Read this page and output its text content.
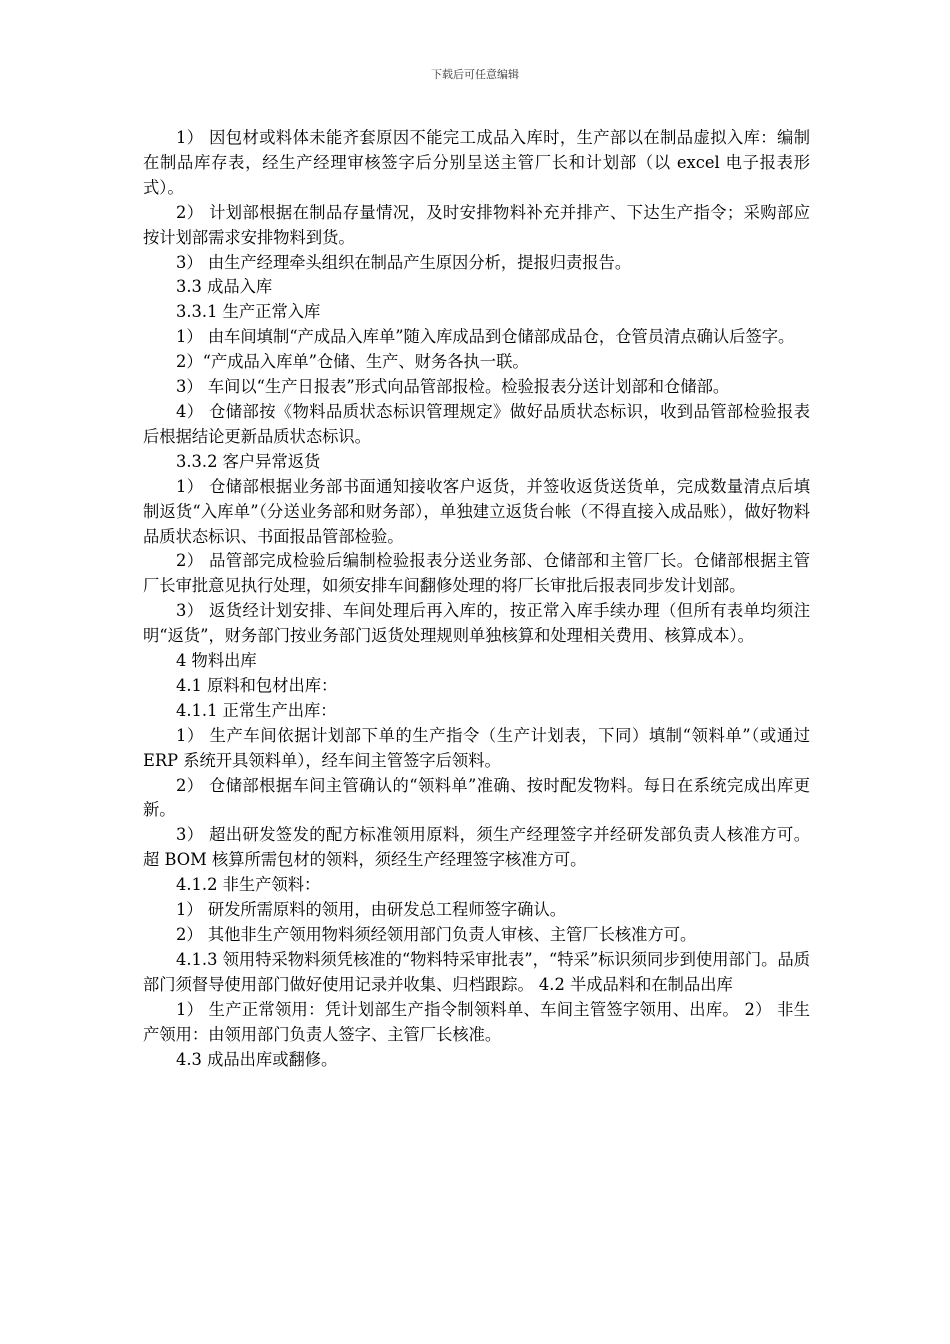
下载后可任意编辑

1） 因包材或料体未能齐套原因不能完工成品入库时，生产部以在制品虚拟入库：编制在制品库存表，经生产经理审核签字后分别呈送主管厂长和计划部（以 excel 电子报表形式）。

2） 计划部根据在制品存量情况，及时安排物料补充并排产、下达生产指令；采购部应按计划部需求安排物料到货。

3） 由生产经理牵头组织在制品产生原因分析，提报归责报告。

3.3 成品入库

3.3.1 生产正常入库

1） 由车间填制“产成品入库单”随入库成品到仓储部成品仓，仓管员清点确认后签字。

2）“产成品入库单”仓储、生产、财务各执一联。

3） 车间以“生产日报表”形式向品管部报检。检验报表分送计划部和仓储部。

4） 仓储部按《物料品质状态标识管理规定》做好品质状态标识，收到品管部检验报表后根据结论更新品质状态标识。

3.3.2 客户异常返货

1） 仓储部根据业务部书面通知接收客户返货，并签收返货送货单，完成数量清点后填制返货“入库单”（分送业务部和财务部），单独建立返货台帐（不得直接入成品账），做好物料品质状态标识、书面报品管部检验。

2） 品管部完成检验后编制检验报表分送业务部、仓储部和主管厂长。仓储部根据主管厂长审批意见执行处理，如须安排车间翻修处理的将厂长审批后报表同步发计划部。

3） 返货经计划安排、车间处理后再入库的，按正常入库手续办理（但所有表单均须注明“返货”，财务部门按业务部门返货处理规则单独核算和处理相关费用、核算成本）。

4 物料出库

4.1 原料和包材出库：

4.1.1 正常生产出库：

1） 生产车间依据计划部下单的生产指令（生产计划表，下同）填制“领料单”（或通过 ERP 系统开具领料单），经车间主管签字后领料。

2） 仓储部根据车间主管确认的“领料单”准确、按时配发物料。每日在系统完成出库更新。

3） 超出研发签发的配方标准领用原料，须生产经理签字并经研发部负责人核准方可。超 BOM 核算所需包材的领料，须经生产经理签字核准方可。

4.1.2 非生产领料：

1） 研发所需原料的领用，由研发总工程师签字确认。

2） 其他非生产领用物料须经领用部门负责人审核、主管厂长核准方可。

4.1.3 领用特采物料须凭核准的“物料特采审批表”，“特采”标识须同步到使用部门。品质部门须督导使用部门做好使用记录并收集、归档跟踪。 4.2 半成品料和在制品出库

1） 生产正常领用：凭计划部生产指令制领料单、车间主管签字领用、出库。 2） 非生产领用：由领用部门负责人签字、主管厂长核准。

4.3 成品出库或翻修。
